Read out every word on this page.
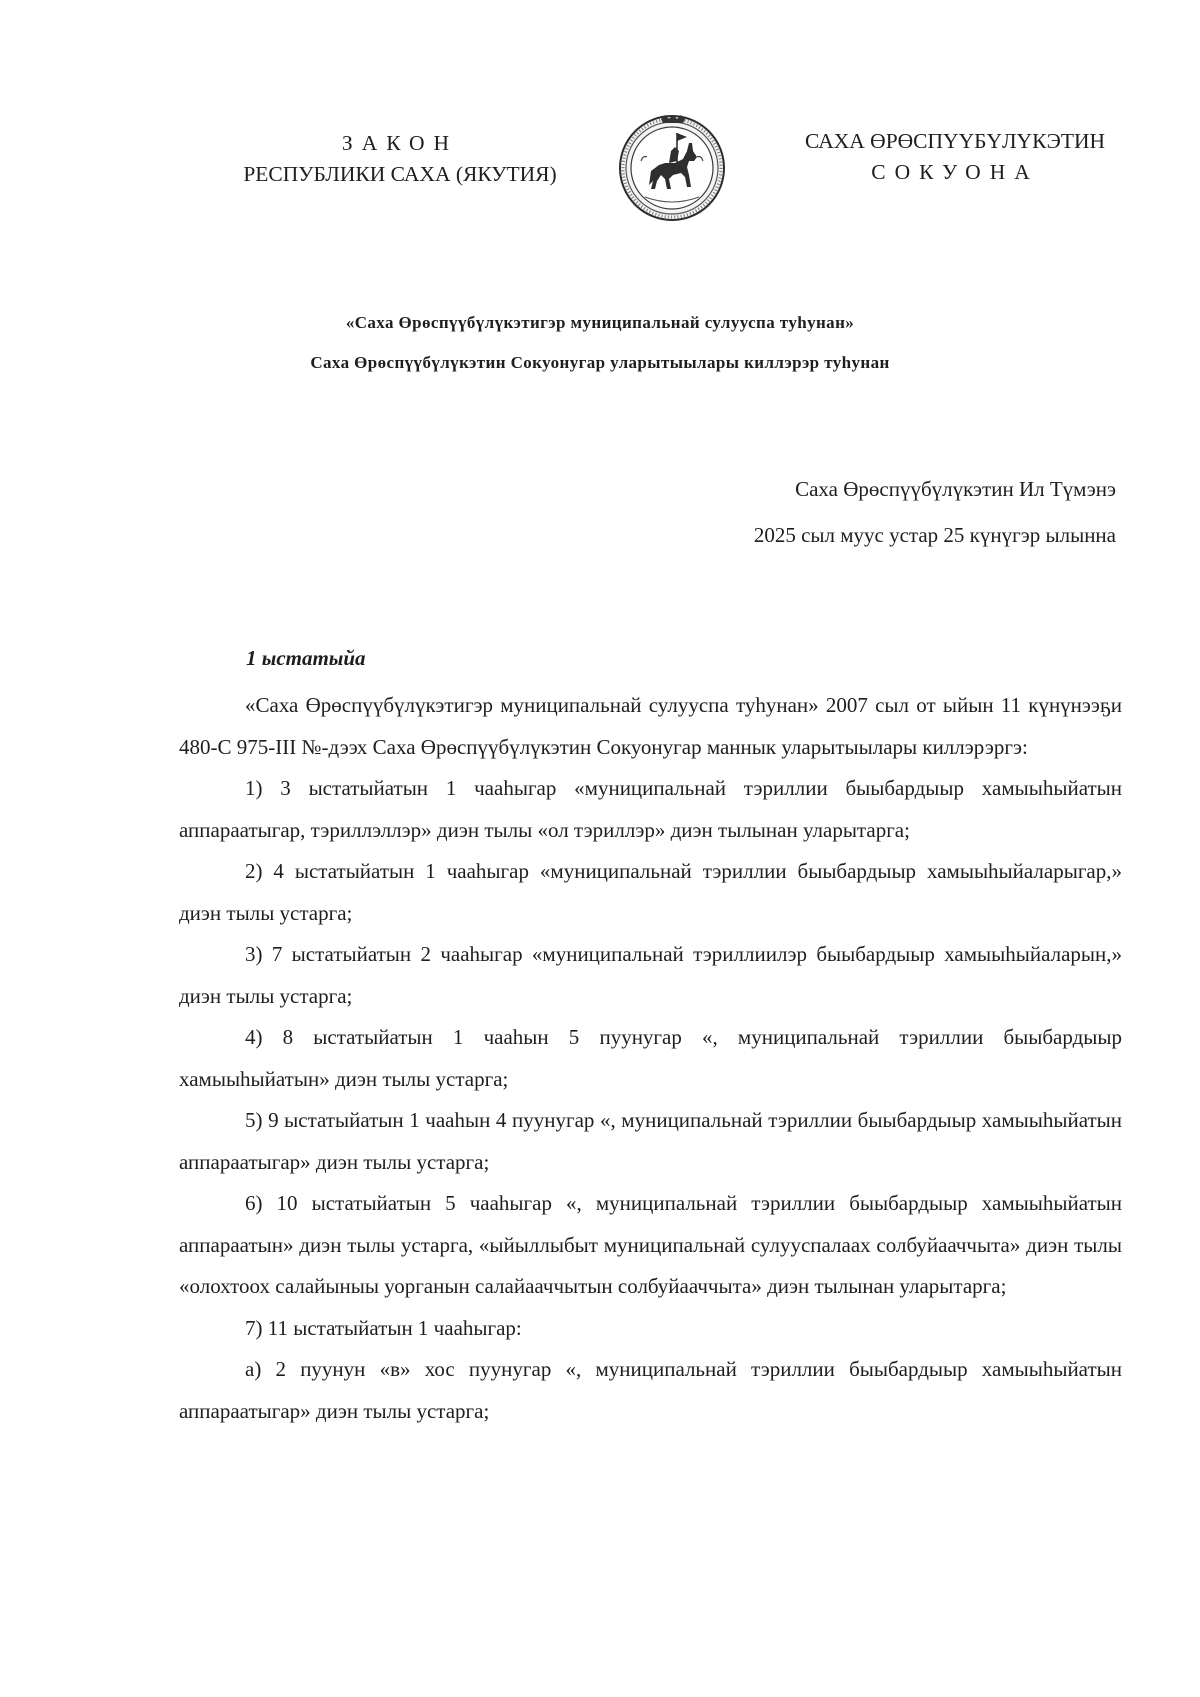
ЗАКОН
РЕСПУБЛИКИ САХА (ЯКУТИЯ)
САХА ӨРӨСПҮҮБҮЛҮКЭТИН
СОКУОНА
«Саха Өрөспүүбүлүкэтигэр муниципальнай сулууспа туһунан»
Саха Өрөспүүбүлүкэтин Сокуонугар уларытыылары киллэрэр туһунан
Саха Өрөспүүбүлүкэтин Ил Түмэнэ
2025 сыл муус устар 25 күнүгэр ылынна
1 ыстатыйа

«Саха Өрөспүүбүлүкэтигэр муниципальнай сулууспа туһунан» 2007 сыл от ыйын 11 күнүнээҕи 480-С 975-III №-дээх Саха Өрөспүүбүлүкэтин Сокуонугар маннык уларытыылары киллэрэргэ:

1) 3 ыстатыйатын 1 чааһыгар «муниципальнай тэриллии быыбардыыр хамыыһыйатын аппараатыгар, тэриллэллэр» диэн тылы «ол тэриллэр» диэн тылынан уларытарга;

2) 4 ыстатыйатын 1 чааһыгар «муниципальнай тэриллии быыбардыыр хамыыһыйаларыгар,» диэн тылы устарга;

3) 7 ыстатыйатын 2 чааһыгар «муниципальнай тэриллиилэр быыбардыыр хамыыһыйаларын,» диэн тылы устарга;

4) 8 ыстатыйатын 1 чааһын 5 пуунугар «, муниципальнай тэриллии быыбардыыр хамыыһыйатын» диэн тылы устарга;

5) 9 ыстатыйатын 1 чааһын 4 пуунугар «, муниципальнай тэриллии быыбардыыр хамыыһыйатын аппараатыгар» диэн тылы устарга;

6) 10 ыстатыйатын 5 чааһыгар «, муниципальнай тэриллии быыбардыыр хамыыһыйатын аппараатын» диэн тылы устарга, «ыйыллыбыт муниципальнай сулууспалаах солбуйааччыта» диэн тылы «олохтоох салайыныы уорганын салайааччытын солбуйааччыта» диэн тылынан уларытарга;

7) 11 ыстатыйатын 1 чааһыгар:

а) 2 пуунун «в» хос пуунугар «, муниципальнай тэриллии быыбардыыр хамыыһыйатын аппараатыгар» диэн тылы устарга;
